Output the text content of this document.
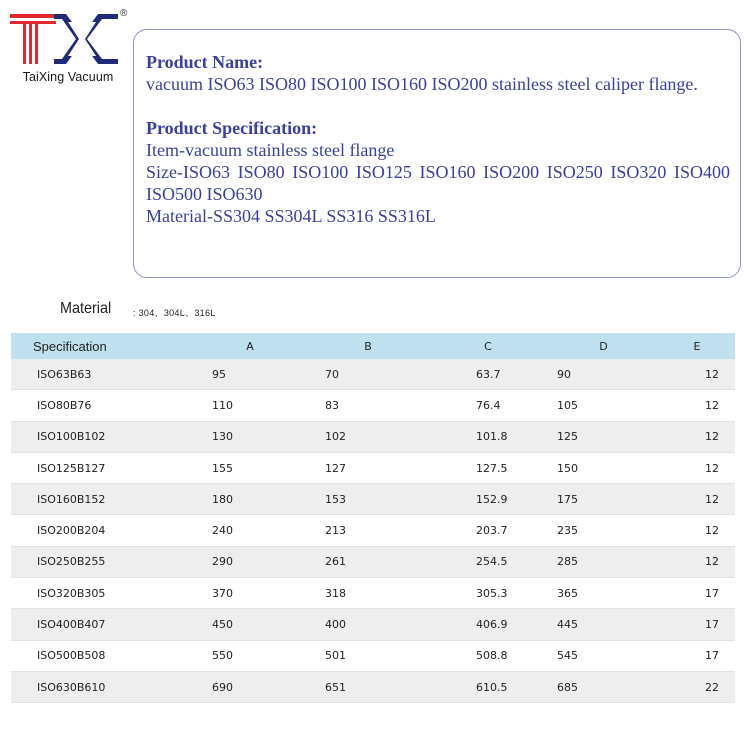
®
TaiXing Vacuum
Product Name:
vacuum ISO63 ISO80 ISO100 ISO160 ISO200 stainless steel caliper flange.
Product Specification:
Item-vacuum stainless steel flange
Size-ISO63 ISO80 ISO100 ISO125 ISO160 ISO200 ISO250 ISO320 ISO400 ISO500 ISO630
Material-SS304 SS304L SS316 SS316L
Material : 304、304L、316L
Specification	A	B	C	D	E
ISO63B63	95	70	63.7	90	12
ISO80B76	110	83	76.4	105	12
ISO100B102	130	102	101.8	125	12
ISO125B127	155	127	127.5	150	12
ISO160B152	180	153	152.9	175	12
ISO200B204	240	213	203.7	235	12
ISO250B255	290	261	254.5	285	12
ISO320B305	370	318	305.3	365	17
ISO400B407	450	400	406.9	445	17
ISO500B508	550	501	508.8	545	17
ISO630B610	690	651	610.5	685	22
